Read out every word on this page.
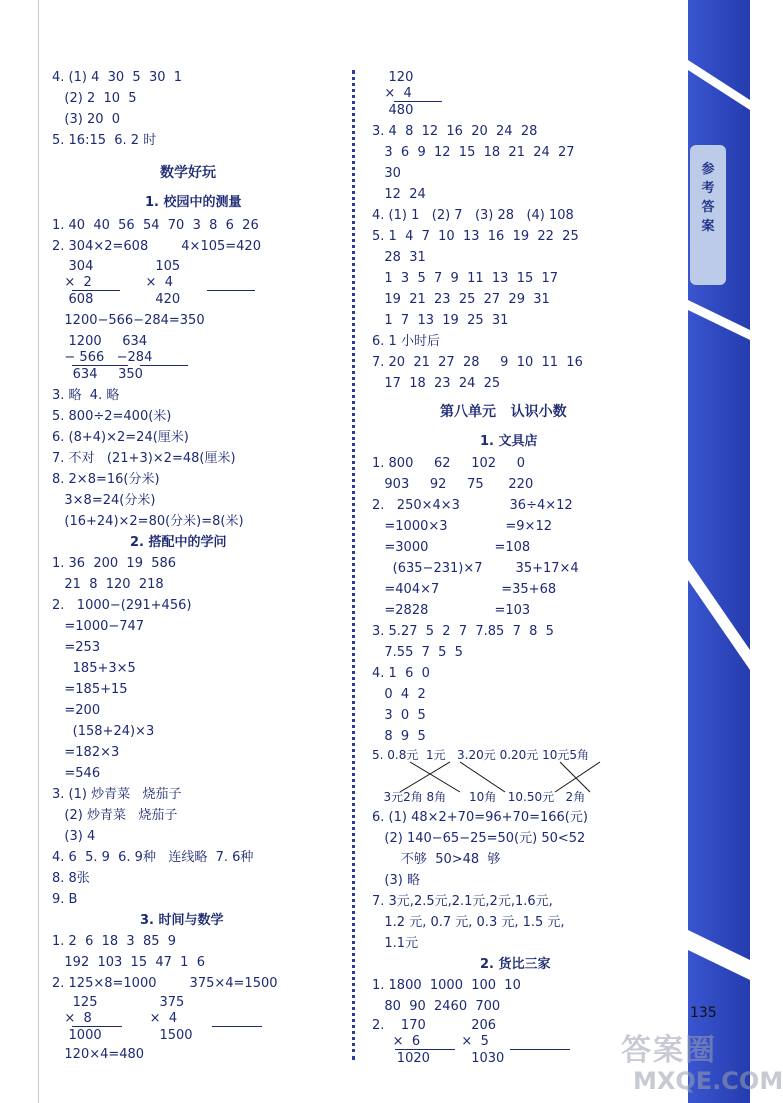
参考答案
135
4. (1) 4  30  5  30  1
(2) 2  10  5
(3) 20  0
5. 16:15  6. 2 时
数学好玩
1. 校园中的测量
1. 40  40  56  54  70  3  8  6  26
2. 304×2=608        4×105=420
304               105
×  2             ×  4
608               420
1200−566−284=350
1200     634
− 566   −284
634     350
3. 略  4. 略
5. 800÷2=400(米)
6. (8+4)×2=24(厘米)
7. 不对   (21+3)×2=48(厘米)
8. 2×8=16(分米)
3×8=24(分米)
(16+24)×2=80(分米)=8(米)
2. 搭配中的学问
1. 36  200  19  586
21  8  120  218
2.   1000−(291+456)
=1000−747
=253
185+3×5
=185+15
=200
(158+24)×3
=182×3
=546
3. (1) 炒青菜   烧茄子
(2) 炒青菜   烧茄子
(3) 4
4. 6  5. 9  6. 9种   连线略  7. 6种
8. 8张
9. B
3. 时间与数学
1. 2  6  18  3  85  9
192  103  15  47  1  6
2. 125×8=1000        375×4=1500
125               375
×  8              ×  4
1000              1500
120×4=480
120
×  4
480
3. 4  8  12  16  20  24  28
3  6  9  12  15  18  21  24  27
30
12  24
4. (1) 1   (2) 7   (3) 28   (4) 108
5. 1  4  7  10  13  16  19  22  25
28  31
1  3  5  7  9  11  13  15  17
19  21  23  25  27  29  31
1  7  13  19  25  31
6. 1 小时后
7. 20  21  27  28     9  10  11  16
17  18  23  24  25
第八单元   认识小数
1. 文具店
1. 800     62     102     0
903     92     75      220
2.   250×4×3            36÷4×12
=1000×3              =9×12
=3000                =108
(635−231)×7        35+17×4
=404×7               =35+68
=2828                =103
3. 5.27  5  2  7  7.85  7  8  5
7.55  7  5  5
4. 1  6  0
0  4  2
3  0  5
8  9  5
5. 0.8元  1元   3.20元 0.20元 10元5角
3元2角 8角      10角   10.50元   2角
6. (1) 48×2+70=96+70=166(元)
(2) 140−65−25=50(元) 50<52
不够  50>48  够
(3) 略
7. 3元,2.5元,2.1元,2元,1.6元,
1.2 元, 0.7 元, 0.3 元, 1.5 元,
1.1元
2. 货比三家
1. 1800  1000  100  10
80  90  2460  700
2.    170           206
×  6          ×  5
1020          1030	答案圈
MXQE.COM
